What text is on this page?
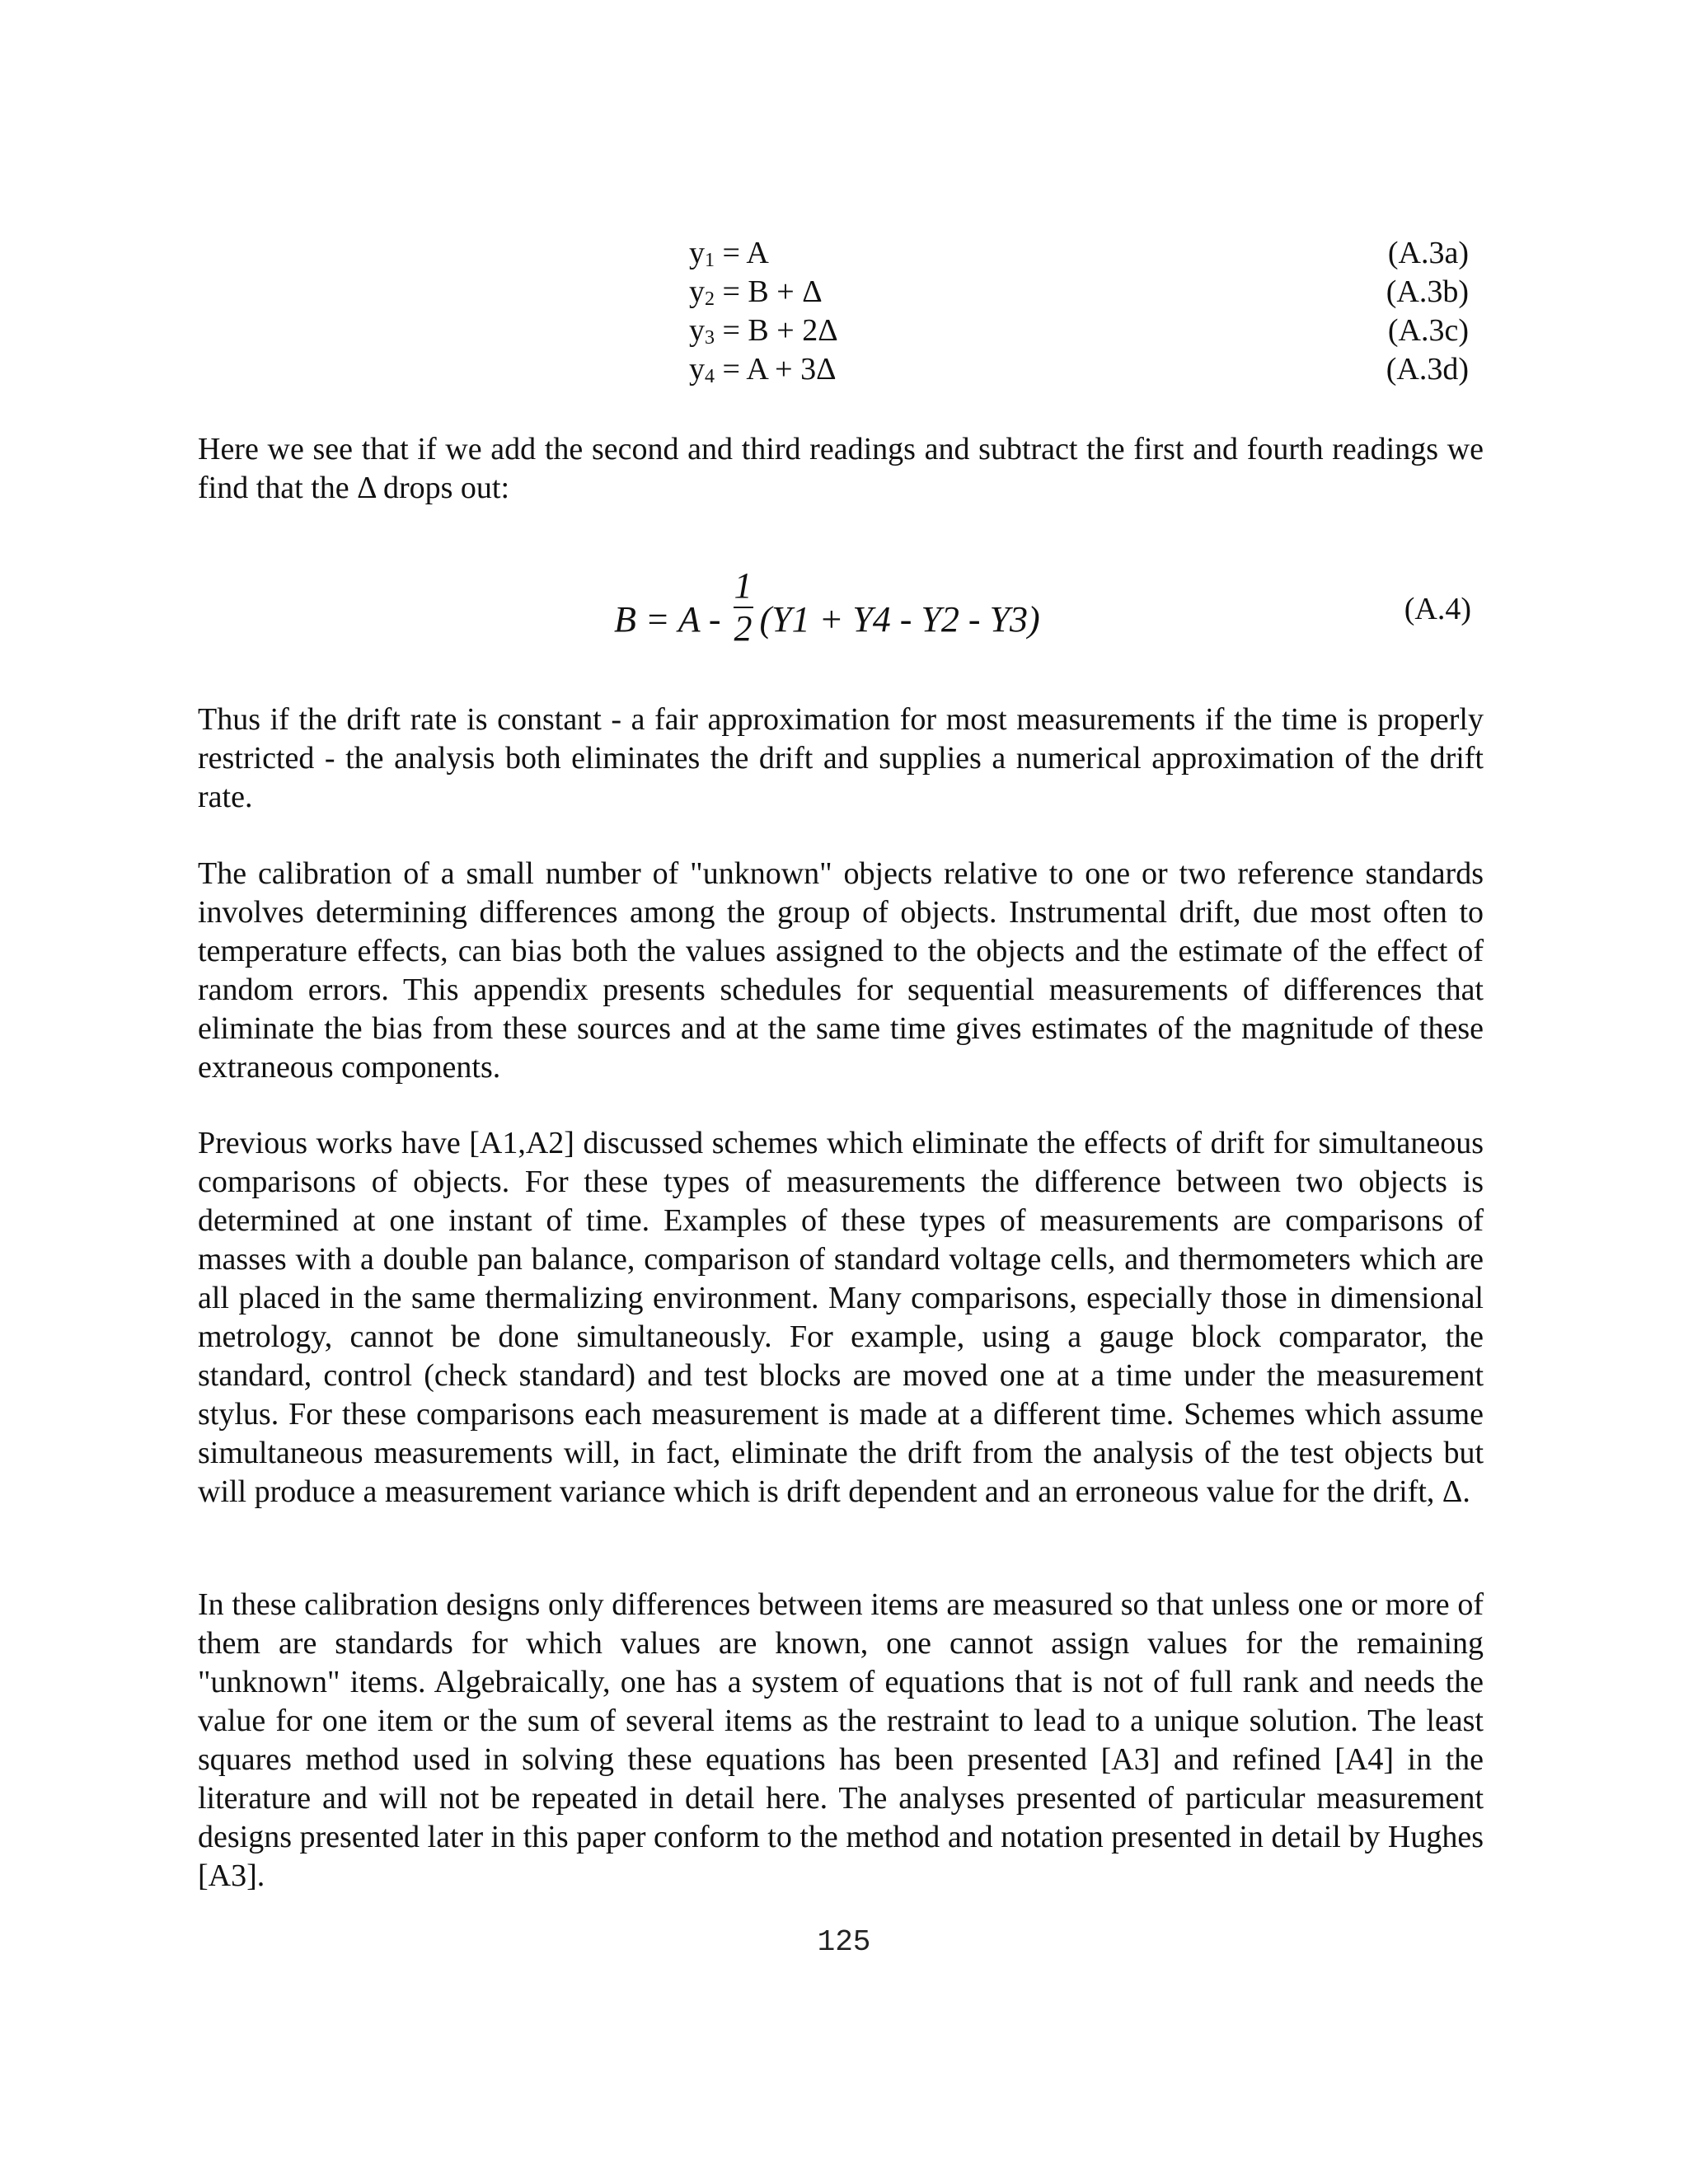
$y_1 = A$	(A.3a)
$y_2 = B + \Delta$	(A.3b)
$y_3 = B + 2\Delta$	(A.3c)
$y_4 = A + 3\Delta$	(A.3d)

Here we see that if we add the second and third readings and subtract the first and fourth readings we find that the Δ drops out:

B = A -
1
2 (Y1 + Y4 - Y2 - Y3)	(A.4)

Thus if the drift rate is constant - a fair approximation for most measurements if the time is properly restricted - the analysis both eliminates the drift and supplies a numerical approximation of the drift rate.

The calibration of a small number of "unknown" objects relative to one or two reference standards involves determining differences among the group of objects. Instrumental drift, due most often to temperature effects, can bias both the values assigned to the objects and the estimate of the effect of random errors. This appendix presents schedules for sequential measurements of differences that eliminate the bias from these sources and at the same time gives estimates of the magnitude of these extraneous components.

Previous works have [A1,A2] discussed schemes which eliminate the effects of drift for simultaneous comparisons of objects. For these types of measurements the difference between two objects is determined at one instant of time. Examples of these types of measurements are comparisons of masses with a double pan balance, comparison of standard voltage cells, and thermometers which are all placed in the same thermalizing environment. Many comparisons, especially those in dimensional metrology, cannot be done simultaneously. For example, using a gauge block comparator, the standard, control (check standard) and test blocks are moved one at a time under the measurement stylus. For these comparisons each measurement is made at a different time. Schemes which assume simultaneous measurements will, in fact, eliminate the drift from the analysis of the test objects but will produce a measurement variance which is drift dependent and an erroneous value for the drift, Δ.

In these calibration designs only differences between items are measured so that unless one or more of them are standards for which values are known, one cannot assign values for the remaining "unknown" items. Algebraically, one has a system of equations that is not of full rank and needs the value for one item or the sum of several items as the restraint to lead to a unique solution. The least squares method used in solving these equations has been presented [A3] and refined [A4] in the literature and will not be repeated in detail here. The analyses presented of particular measurement designs presented later in this paper conform to the method and notation presented in detail by Hughes [A3].

125
